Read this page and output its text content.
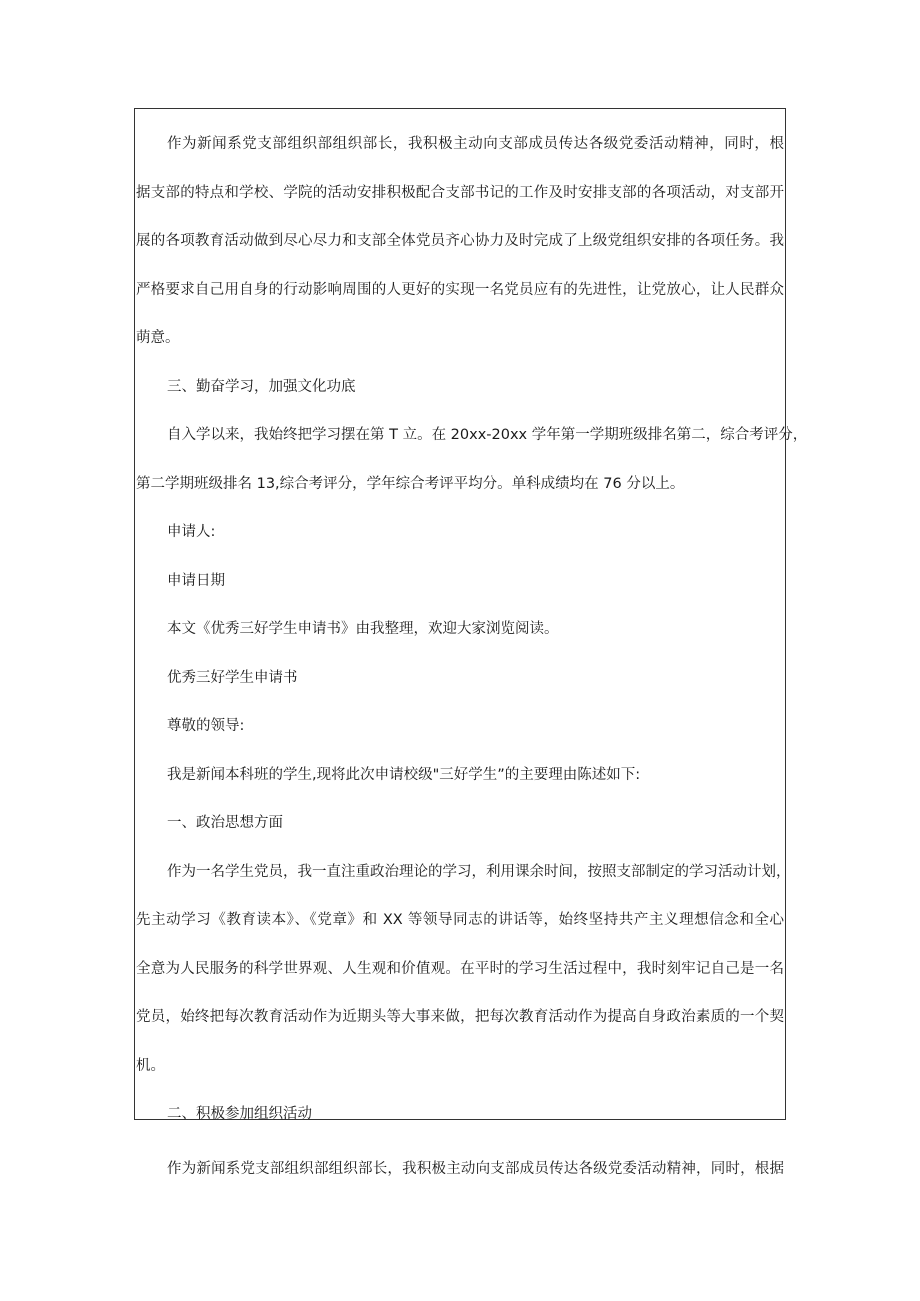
作为新闻系党支部组织部组织部长，我积极主动向支部成员传达各级党委活动精神，同时，根

据支部的特点和学校、学院的活动安排积极配合支部书记的工作及时安排支部的各项活动，对支部开

展的各项教育活动做到尽心尽力和支部全体党员齐心协力及时完成了上级党组织安排的各项任务。我

严格要求自己用自身的行动影响周围的人更好的实现一名党员应有的先进性，让党放心，让人民群众

萌意。

三、勤奋学习，加强文化功底

自入学以来，我始终把学习摆在第 T 立。在 20xx-20xx 学年第一学期班级排名第二，综合考评分，

第二学期班级排名 13,综合考评分，学年综合考评平均分。单科成绩均在 76 分以上。

申请人:

申请日期

本文《优秀三好学生申请书》由我整理，欢迎大家浏览阅读。

优秀三好学生申请书

尊敬的领导:

我是新闻本科班的学生,现将此次申请校级"三好学生”的主要理由陈述如下:

一、政治思想方面

作为一名学生党员，我一直注重政治理论的学习，利用课余时间，按照支部制定的学习活动计划，

先主动学习《教育读本》、《党章》和 XX 等领导同志的讲话等，始终坚持共产主义理想信念和全心

全意为人民服务的科学世界观、人生观和价值观。在平时的学习生活过程中，我时刻牢记自己是一名

党员，始终把每次教育活动作为近期头等大事来做，把每次教育活动作为提高自身政治素质的一个契

机。

二、积极参加组织活动

作为新闻系党支部组织部组织部长，我积极主动向支部成员传达各级党委活动精神，同时，根据
